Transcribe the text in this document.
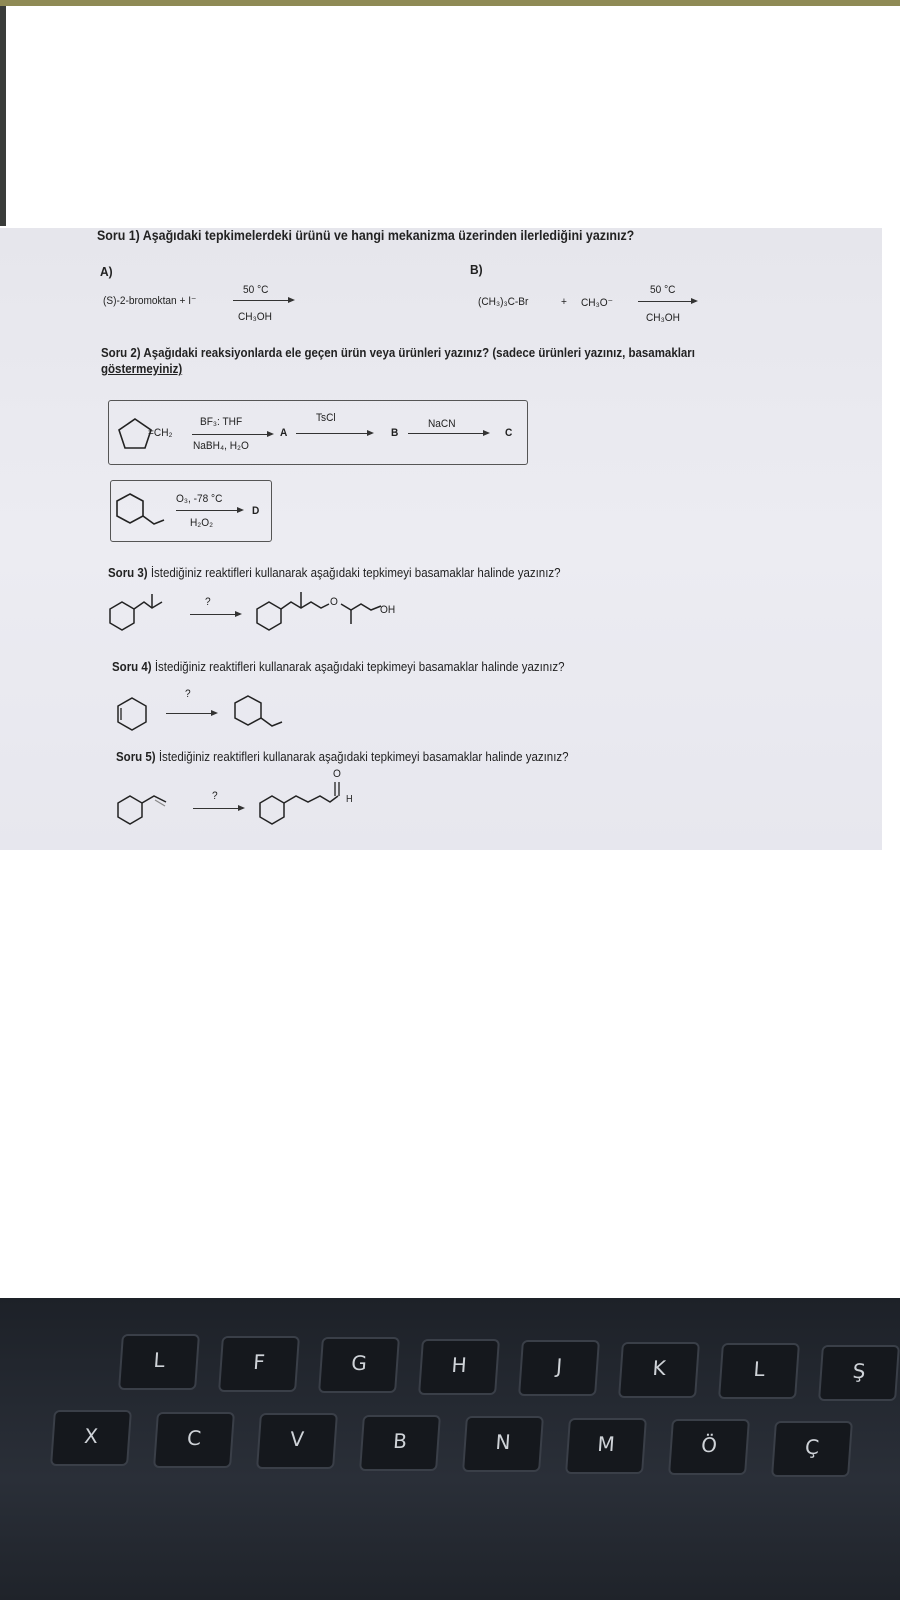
Soru 1) Aşağıdaki tepkimelerdeki ürünü ve hangi mekanizma üzerinden ilerlediğini yazınız?
A)	B)
(S)-2-bromoktan + I⁻
50 °C
CH₃OH
(CH₃)₃C-Br	+ CH₃O⁻
50 °C
CH₃OH
Soru 2) Aşağıdaki reaksiyonlarda ele geçen ürün veya ürünleri yazınız? (sadece ürünleri yazınız, basamakları
göstermeyiniz)
=CH₂
BF₃: THF
NaBH₄, H₂O
A
TsCl
B
NaCN
C
O₃, -78 °C
H₂O₂
D
Soru 3) İstediğiniz reaktifleri kullanarak aşağıdaki tepkimeyi basamaklar halinde yazınız?
?	O
OH
Soru 4) İstediğiniz reaktifleri kullanarak aşağıdaki tepkimeyi basamaklar halinde yazınız?
?
Soru 5) İstediğiniz reaktifleri kullanarak aşağıdaki tepkimeyi basamaklar halinde yazınız?
?
O
H
L	F	G	H	J	K	L	Ş
X	C	V	B	N	M	Ö	Ç
